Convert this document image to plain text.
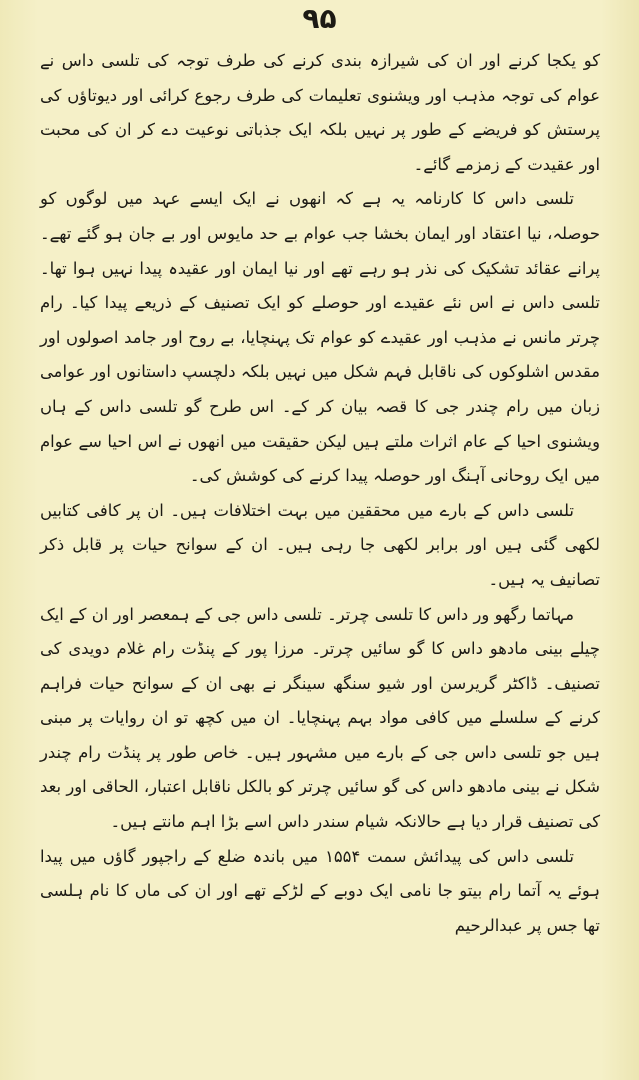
۹۵

کو یکجا کرنے اور ان کی شیرازہ بندی کرنے کی طرف توجہ کی تلسی داس نے عوام کی توجہ مذہب اور ویشنوی تعلیمات کی طرف رجوع کرائی اور دیوتاؤں کی پرستش کو فریضے کے طور پر نہیں بلکہ ایک جذباتی نوعیت دے کر ان کی محبت اور عقیدت کے زمزمے گائے۔

تلسی داس کا کارنامہ یہ ہے کہ انھوں نے ایک ایسے عہد میں لوگوں کو حوصلہ، نیا اعتقاد اور ایمان بخشا جب عوام بے حد مایوس اور بے جان ہو گئے تھے۔ پرانے عقائد تشکیک کی نذر ہو رہے تھے اور نیا ایمان اور عقیدہ پیدا نہیں ہوا تھا۔ تلسی داس نے اس نئے عقیدے اور حوصلے کو ایک تصنیف کے ذریعے پیدا کیا۔ رام چرتر مانس نے مذہب اور عقیدے کو عوام تک پہنچایا، بے روح اور جامد اصولوں اور مقدس اشلوکوں کی ناقابل فہم شکل میں نہیں بلکہ دلچسپ داستانوں اور عوامی زبان میں رام چندر جی کا قصہ بیان کر کے۔ اس طرح گو تلسی داس کے ہاں ویشنوی احیا کے عام اثرات ملتے ہیں لیکن حقیقت میں انھوں نے اس احیا سے عوام میں ایک روحانی آہنگ اور حوصلہ پیدا کرنے کی کوشش کی۔

تلسی داس کے بارے میں محققین میں بہت اختلافات ہیں۔ ان پر کافی کتابیں لکھی گئی ہیں اور برابر لکھی جا رہی ہیں۔ ان کے سوانح حیات پر قابل ذکر تصانیف یہ ہیں۔

مہاتما رگھو ور داس کا تلسی چرتر۔ تلسی داس جی کے ہمعصر اور ان کے ایک چیلے بینی مادھو داس کا گو سائیں چرتر۔ مرزا پور کے پنڈت رام غلام دویدی کی تصنیف۔ ڈاکٹر گریرسن اور شیو سنگھ سینگر نے بھی ان کے سوانح حیات فراہم کرنے کے سلسلے میں کافی مواد بہم پہنچایا۔ ان میں کچھ تو ان روایات پر مبنی ہیں جو تلسی داس جی کے بارے میں مشہور ہیں۔ خاص طور پر پنڈت رام چندر شکل نے بینی مادھو داس کی گو سائیں چرتر کو بالکل ناقابل اعتبار، الحاقی اور بعد کی تصنیف قرار دیا ہے حالانکہ شیام سندر داس اسے بڑا اہم مانتے ہیں۔

تلسی داس کی پیدائش سمت ۱۵۵۴ میں باندہ ضلع کے راجپور گاؤں میں پیدا ہوئے یہ آتما رام بیتو جا نامی ایک دوبے کے لڑکے تھے اور ان کی ماں کا نام ہلسی تھا جس پر عبدالرحیم
